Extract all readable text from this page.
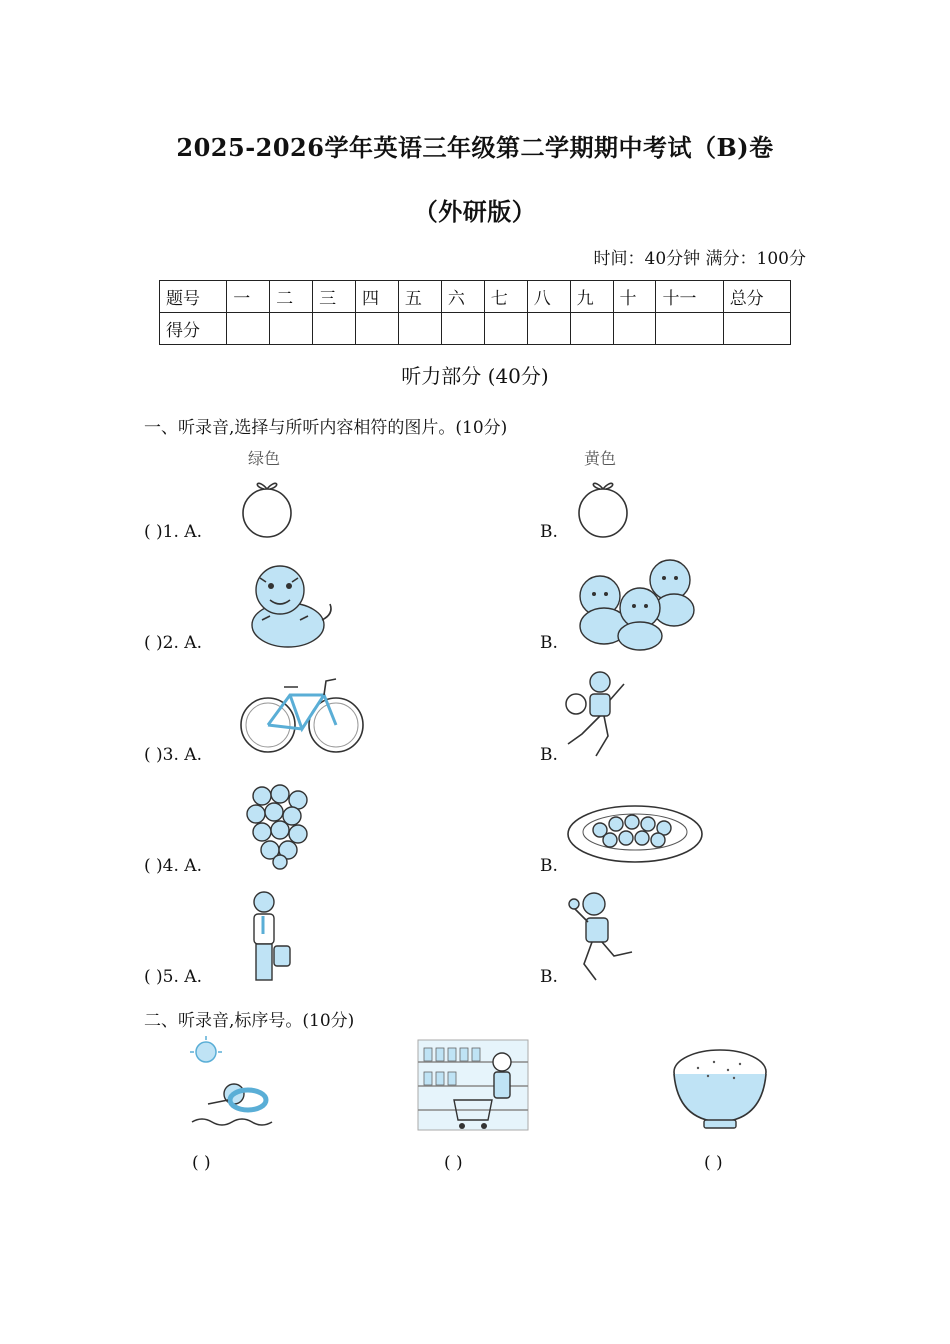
2025-2026学年英语三年级第二学期期中考试（B)卷
（外研版）
时间：40分钟 满分：100分
题号	一	二	三	四	五	六	七	八	九	十	十一	总分
得分												
听力部分 (40分)
一、听录音,选择与所听内容相符的图片。(10分)
绿色
( )1. A.
黄色
B.
( )2. A.	B.
( )3. A.	B.
( )4. A.	B.
( )5. A.	B.
二、听录音,标序号。(10分)
( )	( )	( )
